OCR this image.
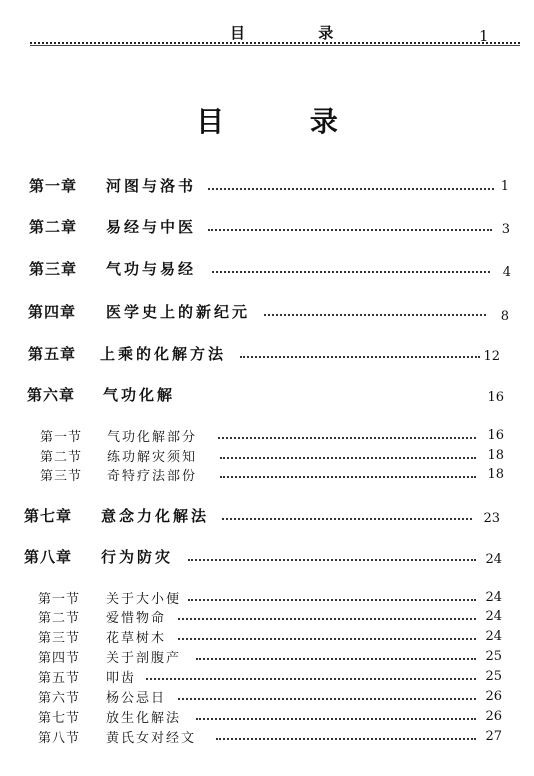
目 录	1
目 录
第一章 河图与洛书	1
第二章 易经与中医	3
第三章 气功与易经	4
第四章 医学史上的新纪元	8
第五章 上乘的化解方法	12
第六章 气功化解	16
第一节 气功化解部分	16
第二节 练功解灾须知	18
第三节 奇特疗法部份	18
第七章 意念力化解法	23
第八章 行为防灾	24
第一节 关于大小便	24
第二节 爱惜物命	24
第三节 花草树木	24
第四节 关于剖腹产	25
第五节 叩齿	25
第六节 杨公忌日	26
第七节 放生化解法	26
第八节 黄氏女对经文	27
